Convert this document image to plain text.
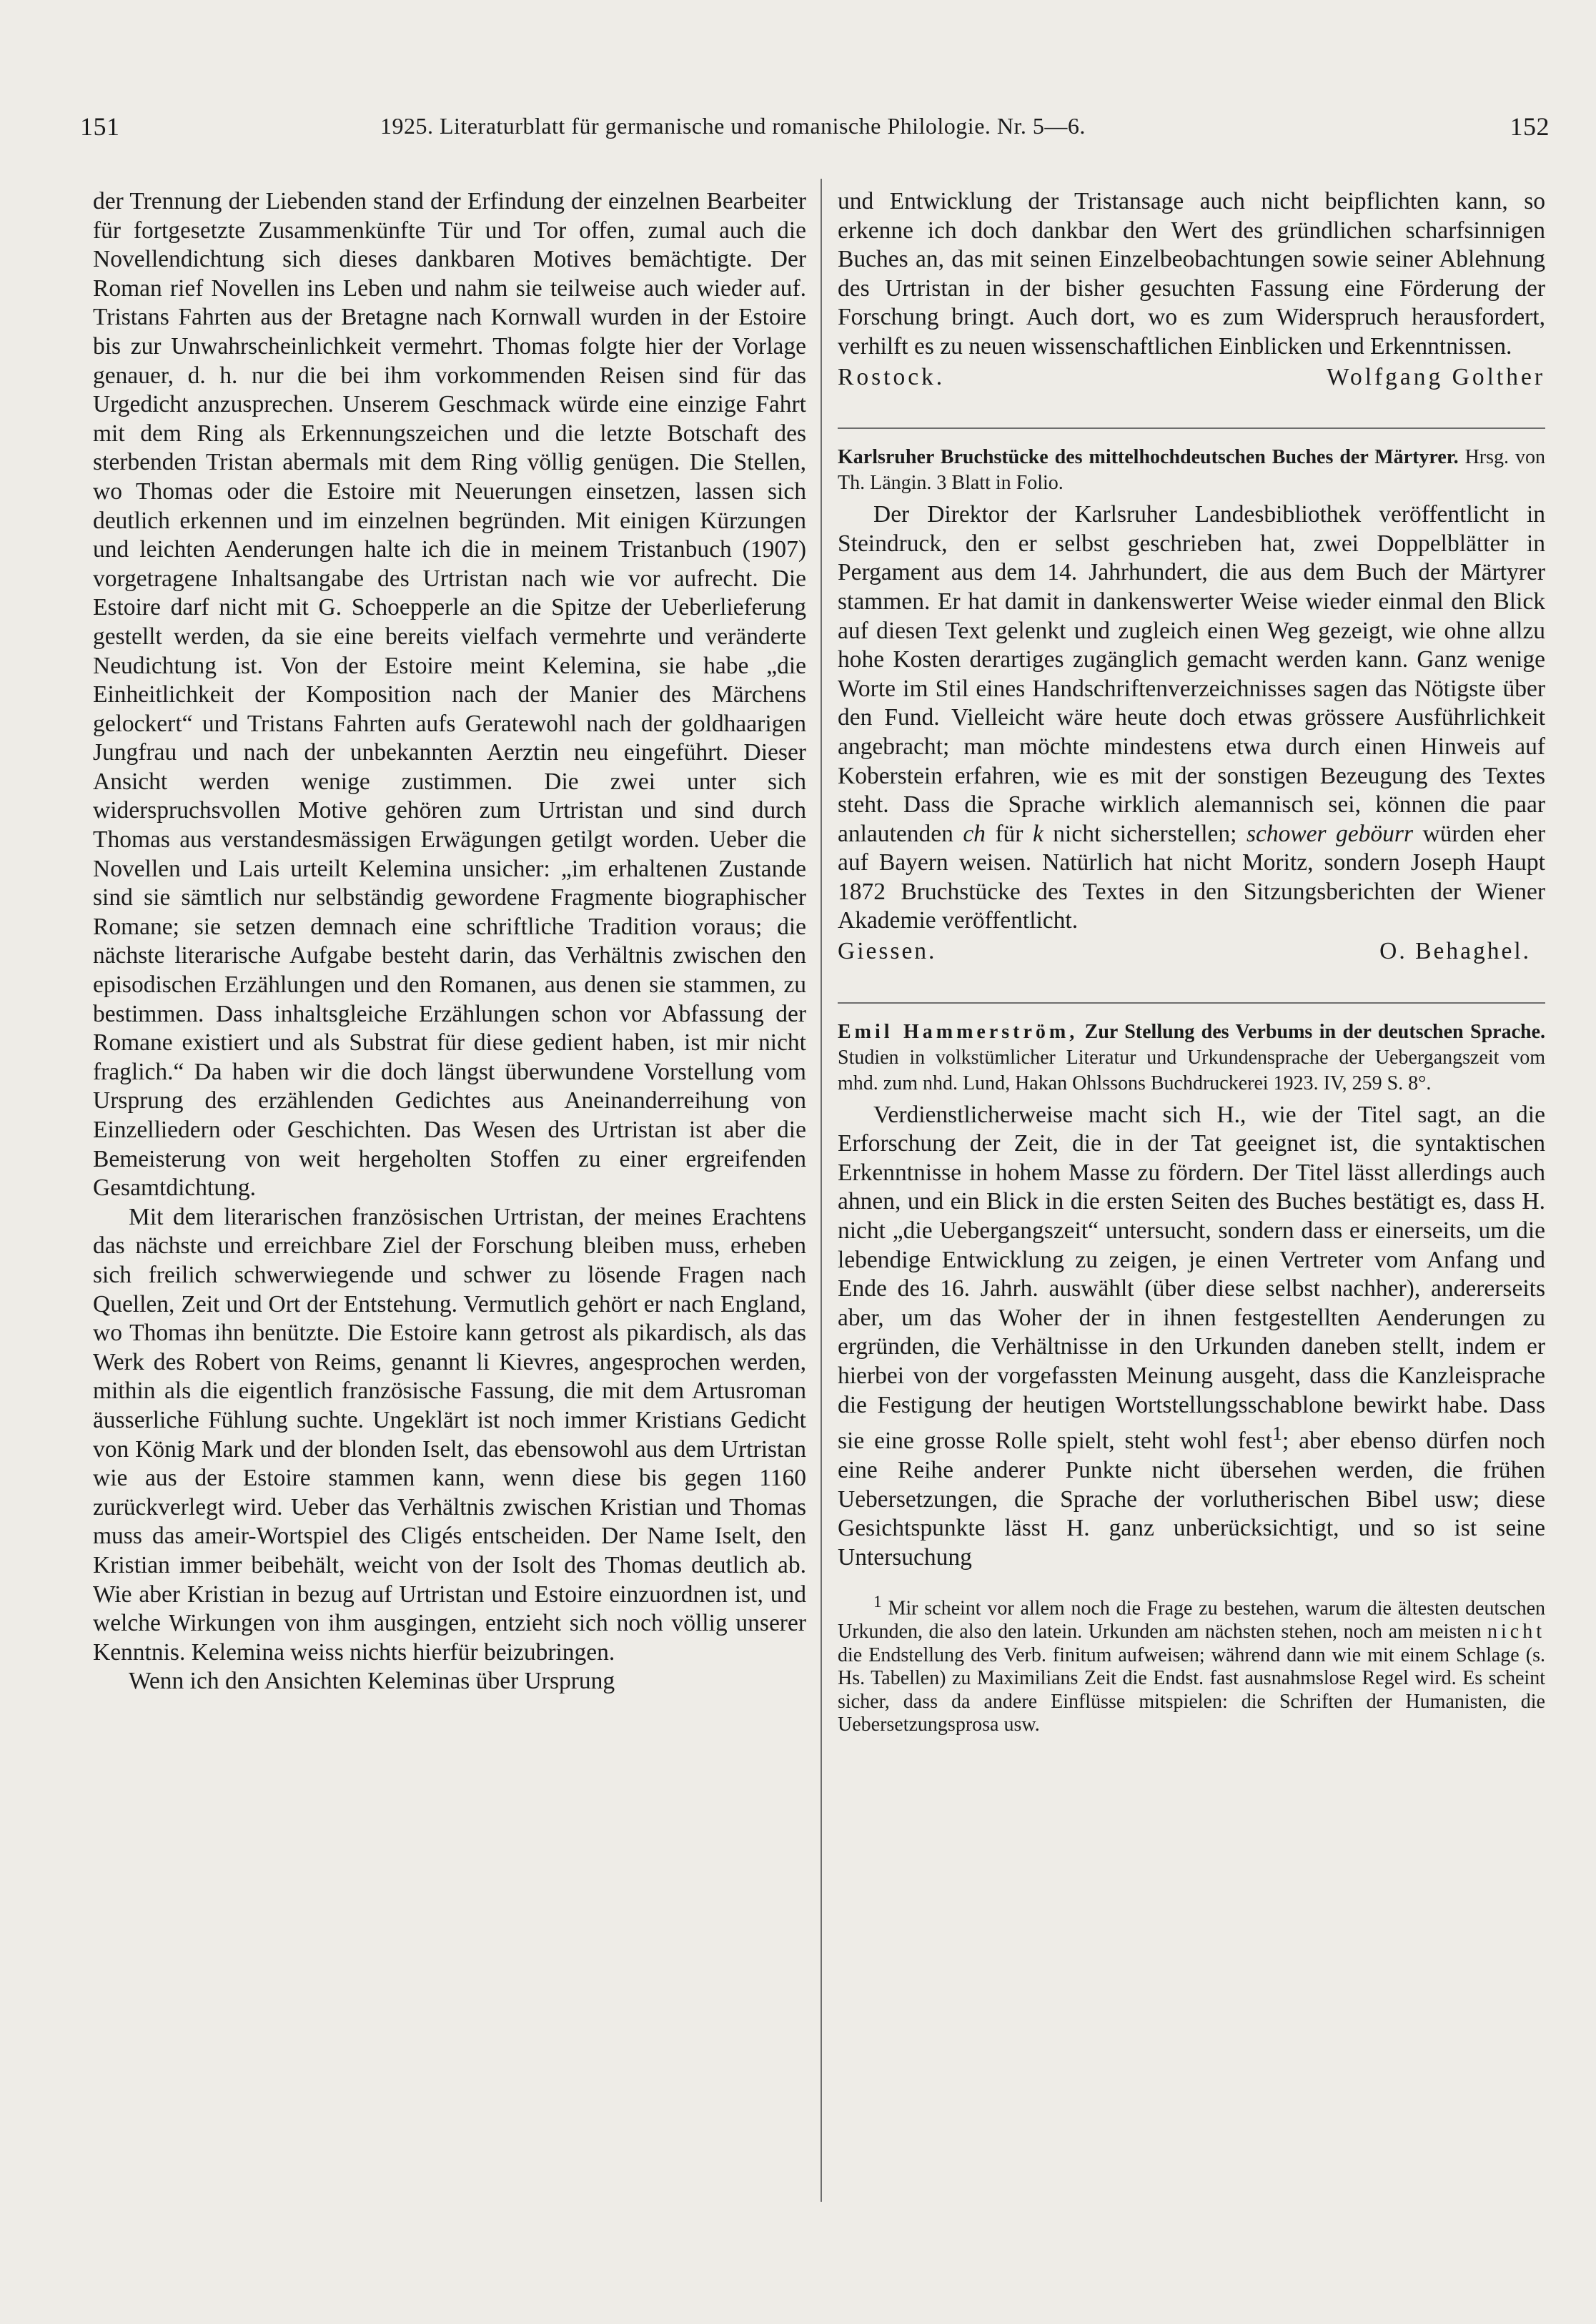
151	1925. Literaturblatt für germanische und romanische Philologie. Nr. 5—6.	152

der Trennung der Liebenden stand der Erfindung der einzelnen Bearbeiter für fortgesetzte Zusammenkünfte Tür und Tor offen, zumal auch die Novellendichtung sich dieses dankbaren Motives bemächtigte. Der Roman rief Novellen ins Leben und nahm sie teilweise auch wieder auf. Tristans Fahrten aus der Bretagne nach Kornwall wurden in der Estoire bis zur Unwahrscheinlichkeit vermehrt. Thomas folgte hier der Vorlage genauer, d. h. nur die bei ihm vorkommenden Reisen sind für das Urgedicht anzusprechen. Unserem Geschmack würde eine einzige Fahrt mit dem Ring als Erkennungszeichen und die letzte Botschaft des sterbenden Tristan abermals mit dem Ring völlig genügen. Die Stellen, wo Thomas oder die Estoire mit Neuerungen einsetzen, lassen sich deutlich erkennen und im einzelnen begründen. Mit einigen Kürzungen und leichten Aenderungen halte ich die in meinem Tristanbuch (1907) vorgetragene Inhaltsangabe des Urtristan nach wie vor aufrecht. Die Estoire darf nicht mit G. Schoepperle an die Spitze der Ueberlieferung gestellt werden, da sie eine bereits vielfach vermehrte und veränderte Neudichtung ist. Von der Estoire meint Kelemina, sie habe „die Einheitlichkeit der Komposition nach der Manier des Märchens gelockert“ und Tristans Fahrten aufs Geratewohl nach der goldhaarigen Jungfrau und nach der unbekannten Aerztin neu eingeführt. Dieser Ansicht werden wenige zustimmen. Die zwei unter sich widerspruchsvollen Motive gehören zum Urtristan und sind durch Thomas aus verstandesmässigen Erwägungen getilgt worden. Ueber die Novellen und Lais urteilt Kelemina unsicher: „im erhaltenen Zustande sind sie sämtlich nur selbständig gewordene Fragmente biographischer Romane; sie setzen demnach eine schriftliche Tradition voraus; die nächste literarische Aufgabe besteht darin, das Verhältnis zwischen den episodischen Erzählungen und den Romanen, aus denen sie stammen, zu bestimmen. Dass inhaltsgleiche Erzählungen schon vor Abfassung der Romane existiert und als Substrat für diese gedient haben, ist mir nicht fraglich.“ Da haben wir die doch längst überwundene Vorstellung vom Ursprung des erzählenden Gedichtes aus Aneinanderreihung von Einzelliedern oder Geschichten. Das Wesen des Urtristan ist aber die Bemeisterung von weit hergeholten Stoffen zu einer ergreifenden Gesamtdichtung.

Mit dem literarischen französischen Urtristan, der meines Erachtens das nächste und erreichbare Ziel der Forschung bleiben muss, erheben sich freilich schwerwiegende und schwer zu lösende Fragen nach Quellen, Zeit und Ort der Entstehung. Vermutlich gehört er nach England, wo Thomas ihn benützte. Die Estoire kann getrost als pikardisch, als das Werk des Robert von Reims, genannt li Kievres, angesprochen werden, mithin als die eigentlich französische Fassung, die mit dem Artusroman äusserliche Fühlung suchte. Ungeklärt ist noch immer Kristians Gedicht von König Mark und der blonden Iselt, das ebensowohl aus dem Urtristan wie aus der Estoire stammen kann, wenn diese bis gegen 1160 zurückverlegt wird. Ueber das Verhältnis zwischen Kristian und Thomas muss das ameir-Wortspiel des Cligés entscheiden. Der Name Iselt, den Kristian immer beibehält, weicht von der Isolt des Thomas deutlich ab. Wie aber Kristian in bezug auf Urtristan und Estoire einzuordnen ist, und welche Wirkungen von ihm ausgingen, entzieht sich noch völlig unserer Kenntnis. Kelemina weiss nichts hierfür beizubringen.

Wenn ich den Ansichten Keleminas über Ursprung

und Entwicklung der Tristansage auch nicht beipflichten kann, so erkenne ich doch dankbar den Wert des gründlichen scharfsinnigen Buches an, das mit seinen Einzelbeobachtungen sowie seiner Ablehnung des Urtristan in der bisher gesuchten Fassung eine Förderung der Forschung bringt. Auch dort, wo es zum Widerspruch herausfordert, verhilft es zu neuen wissenschaftlichen Einblicken und Erkenntnissen.

Rostock.	Wolfgang Golther
Karlsruher Bruchstücke des mittelhochdeutschen Buches der Märtyrer. Hrsg. von Th. Längin. 3 Blatt in Folio.

Der Direktor der Karlsruher Landesbibliothek veröffentlicht in Steindruck, den er selbst geschrieben hat, zwei Doppelblätter in Pergament aus dem 14. Jahrhundert, die aus dem Buch der Märtyrer stammen. Er hat damit in dankenswerter Weise wieder einmal den Blick auf diesen Text gelenkt und zugleich einen Weg gezeigt, wie ohne allzu hohe Kosten derartiges zugänglich gemacht werden kann. Ganz wenige Worte im Stil eines Handschriftenverzeichnisses sagen das Nötigste über den Fund. Vielleicht wäre heute doch etwas grössere Ausführlichkeit angebracht; man möchte mindestens etwa durch einen Hinweis auf Koberstein erfahren, wie es mit der sonstigen Bezeugung des Textes steht. Dass die Sprache wirklich alemannisch sei, können die paar anlautenden ch für k nicht sicherstellen; schower geböurr würden eher auf Bayern weisen. Natürlich hat nicht Moritz, sondern Joseph Haupt 1872 Bruchstücke des Textes in den Sitzungsberichten der Wiener Akademie veröffentlicht.

Giessen.	O. Behaghel.
Emil Hammerström, Zur Stellung des Verbums in der deutschen Sprache. Studien in volkstümlicher Literatur und Urkundensprache der Uebergangszeit vom mhd. zum nhd. Lund, Hakan Ohlssons Buchdruckerei 1923. IV, 259 S. 8°.

Verdienstlicherweise macht sich H., wie der Titel sagt, an die Erforschung der Zeit, die in der Tat geeignet ist, die syntaktischen Erkenntnisse in hohem Masse zu fördern. Der Titel lässt allerdings auch ahnen, und ein Blick in die ersten Seiten des Buches bestätigt es, dass H. nicht „die Uebergangszeit“ untersucht, sondern dass er einerseits, um die lebendige Entwicklung zu zeigen, je einen Vertreter vom Anfang und Ende des 16. Jahrh. auswählt (über diese selbst nachher), andererseits aber, um das Woher der in ihnen festgestellten Aenderungen zu ergründen, die Verhältnisse in den Urkunden daneben stellt, indem er hierbei von der vorgefassten Meinung ausgeht, dass die Kanzleisprache die Festigung der heutigen Wortstellungsschablone bewirkt habe. Dass sie eine grosse Rolle spielt, steht wohl fest$^1$; aber ebenso dürfen noch eine Reihe anderer Punkte nicht übersehen werden, die frühen Uebersetzungen, die Sprache der vorlutherischen Bibel usw; diese Gesichtspunkte lässt H. ganz unberücksichtigt, und so ist seine Untersuchung

$^1$ Mir scheint vor allem noch die Frage zu bestehen, warum die ältesten deutschen Urkunden, die also den latein. Urkunden am nächsten stehen, noch am meisten nicht die Endstellung des Verb. finitum aufweisen; während dann wie mit einem Schlage (s. Hs. Tabellen) zu Maximilians Zeit die Endst. fast ausnahmslose Regel wird. Es scheint sicher, dass da andere Einflüsse mitspielen: die Schriften der Humanisten, die Uebersetzungsprosa usw.
